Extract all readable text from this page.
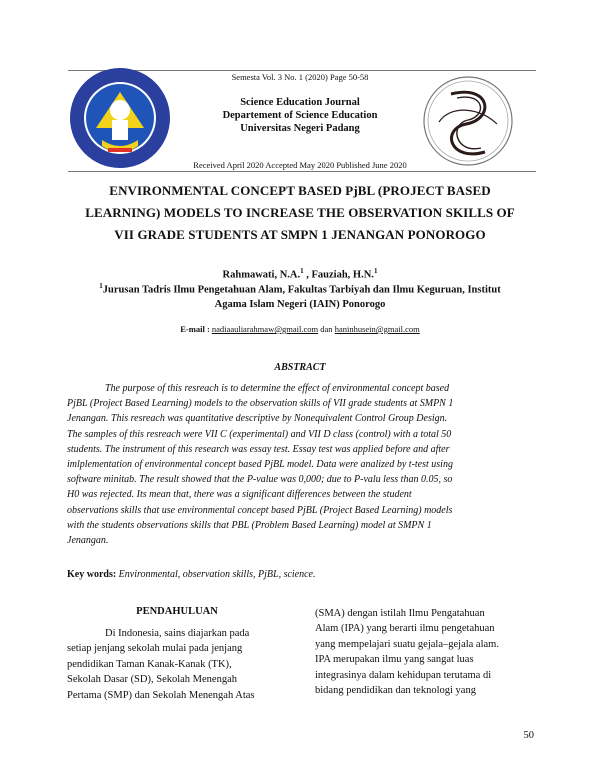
Semesta Vol. 3 No. 1 (2020) Page 50-58
Science Education Journal
Departement of Science Education
Universitas Negeri Padang
Received April 2020 Accepted May 2020 Published June 2020
ENVIRONMENTAL CONCEPT BASED PjBL (PROJECT BASED
LEARNING) MODELS TO INCREASE THE OBSERVATION SKILLS OF
VII GRADE STUDENTS AT SMPN 1 JENANGAN PONOROGO
Rahmawati, N.A.$^1$ , Fauziah, H.N.$^1$
$^1$Jurusan Tadris Ilmu Pengetahuan Alam, Fakultas Tarbiyah dan Ilmu Keguruan, Institut
Agama Islam Negeri (IAIN) Ponorogo
E-mail : nadiaauliarahmaw@gmail.com dan haninhusein@gmail.com
ABSTRACT
The purpose of this resreach is to determine the effect of environmental concept based
PjBL (Project Based Learning) models to the observation skills of VII grade students at SMPN 1
Jenangan. This resreach was quantitative descriptive by Nonequivalent Control Group Design.
The samples of this resreach were VII C (experimental) and VII D class (control) with a total 50
students. The instrument of this research was essay test. Essay test was applied before and after
imlplementation of environmental concept based PjBL model. Data were analized by t-test using
software minitab. The result showed that the P-value was 0,000; due to P-valu less than 0.05, so
H0 was rejected. Its mean that, there was a significant differences between the student
observations skills that use environmental concept based PjBL (Project Based Learning) models
with the students observations skills that PBL (Problem Based Learning) model at SMPN 1
Jenangan.
Key words: Environmental, observation skills, PjBL, science.
PENDAHULUAN
Di Indonesia, sains diajarkan pada
setiap jenjang sekolah mulai pada jenjang
pendidikan Taman Kanak-Kanak (TK),
Sekolah Dasar (SD), Sekolah Menengah
Pertama (SMP) dan Sekolah Menengah Atas
(SMA) dengan istilah Ilmu Pengatahuan
Alam (IPA) yang berarti ilmu pengetahuan
yang mempelajari suatu gejala–gejala alam.
IPA merupakan ilmu yang sangat luas
integrasinya dalam kehidupan terutama di
bidang pendidikan dan teknologi yang
50
